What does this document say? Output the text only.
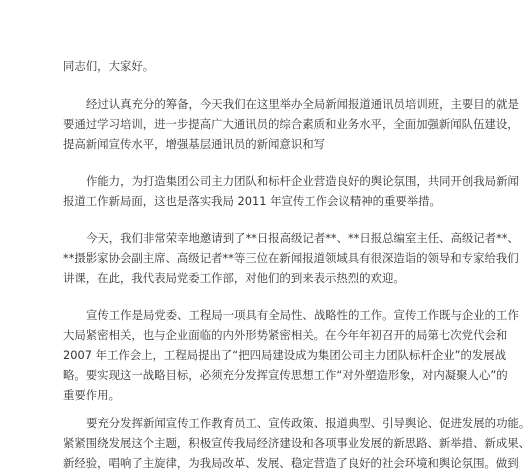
同志们，大家好。
经过认真充分的筹备，今天我们在这里举办全局新闻报道通讯员培训班，主要目的就是
要通过学习培训，进一步提高广大通讯员的综合素质和业务水平，全面加强新闻队伍建设，
提高新闻宣传水平，增强基层通讯员的新闻意识和写
作能力，为打造集团公司主力团队和标杆企业营造良好的舆论氛围，共同开创我局新闻
报道工作新局面，这也是落实我局 2011 年宣传工作会议精神的重要举措。
今天，我们非常荣幸地邀请到了**日报高级记者**、**日报总编室主任、高级记者**、
**摄影家协会副主席、高级记者**等三位在新闻报道领域具有很深造诣的领导和专家给我们
讲课，在此，我代表局党委工作部，对他们的到来表示热烈的欢迎。
宣传工作是局党委、工程局一项具有全局性、战略性的工作。宣传工作既与企业的工作
大局紧密相关，也与企业面临的内外形势紧密相关。在今年年初召开的局第七次党代会和
2007 年工作会上，工程局提出了“把四局建设成为集团公司主力团队标杆企业”的发展战
略。要实现这一战略目标，必须充分发挥宣传思想工作“对外塑造形象，对内凝聚人心”的
重要作用。
要充分发挥新闻宣传工作教育员工、宣传政策、报道典型、引导舆论、促进发展的功能。
紧紧围绕发展这个主题，积极宣传我局经济建设和各项事业发展的新思路、新举措、新成果、
新经验，唱响了主旋律，为我局改革、发展、稳定营造了良好的社会环境和舆论氛围。做到
